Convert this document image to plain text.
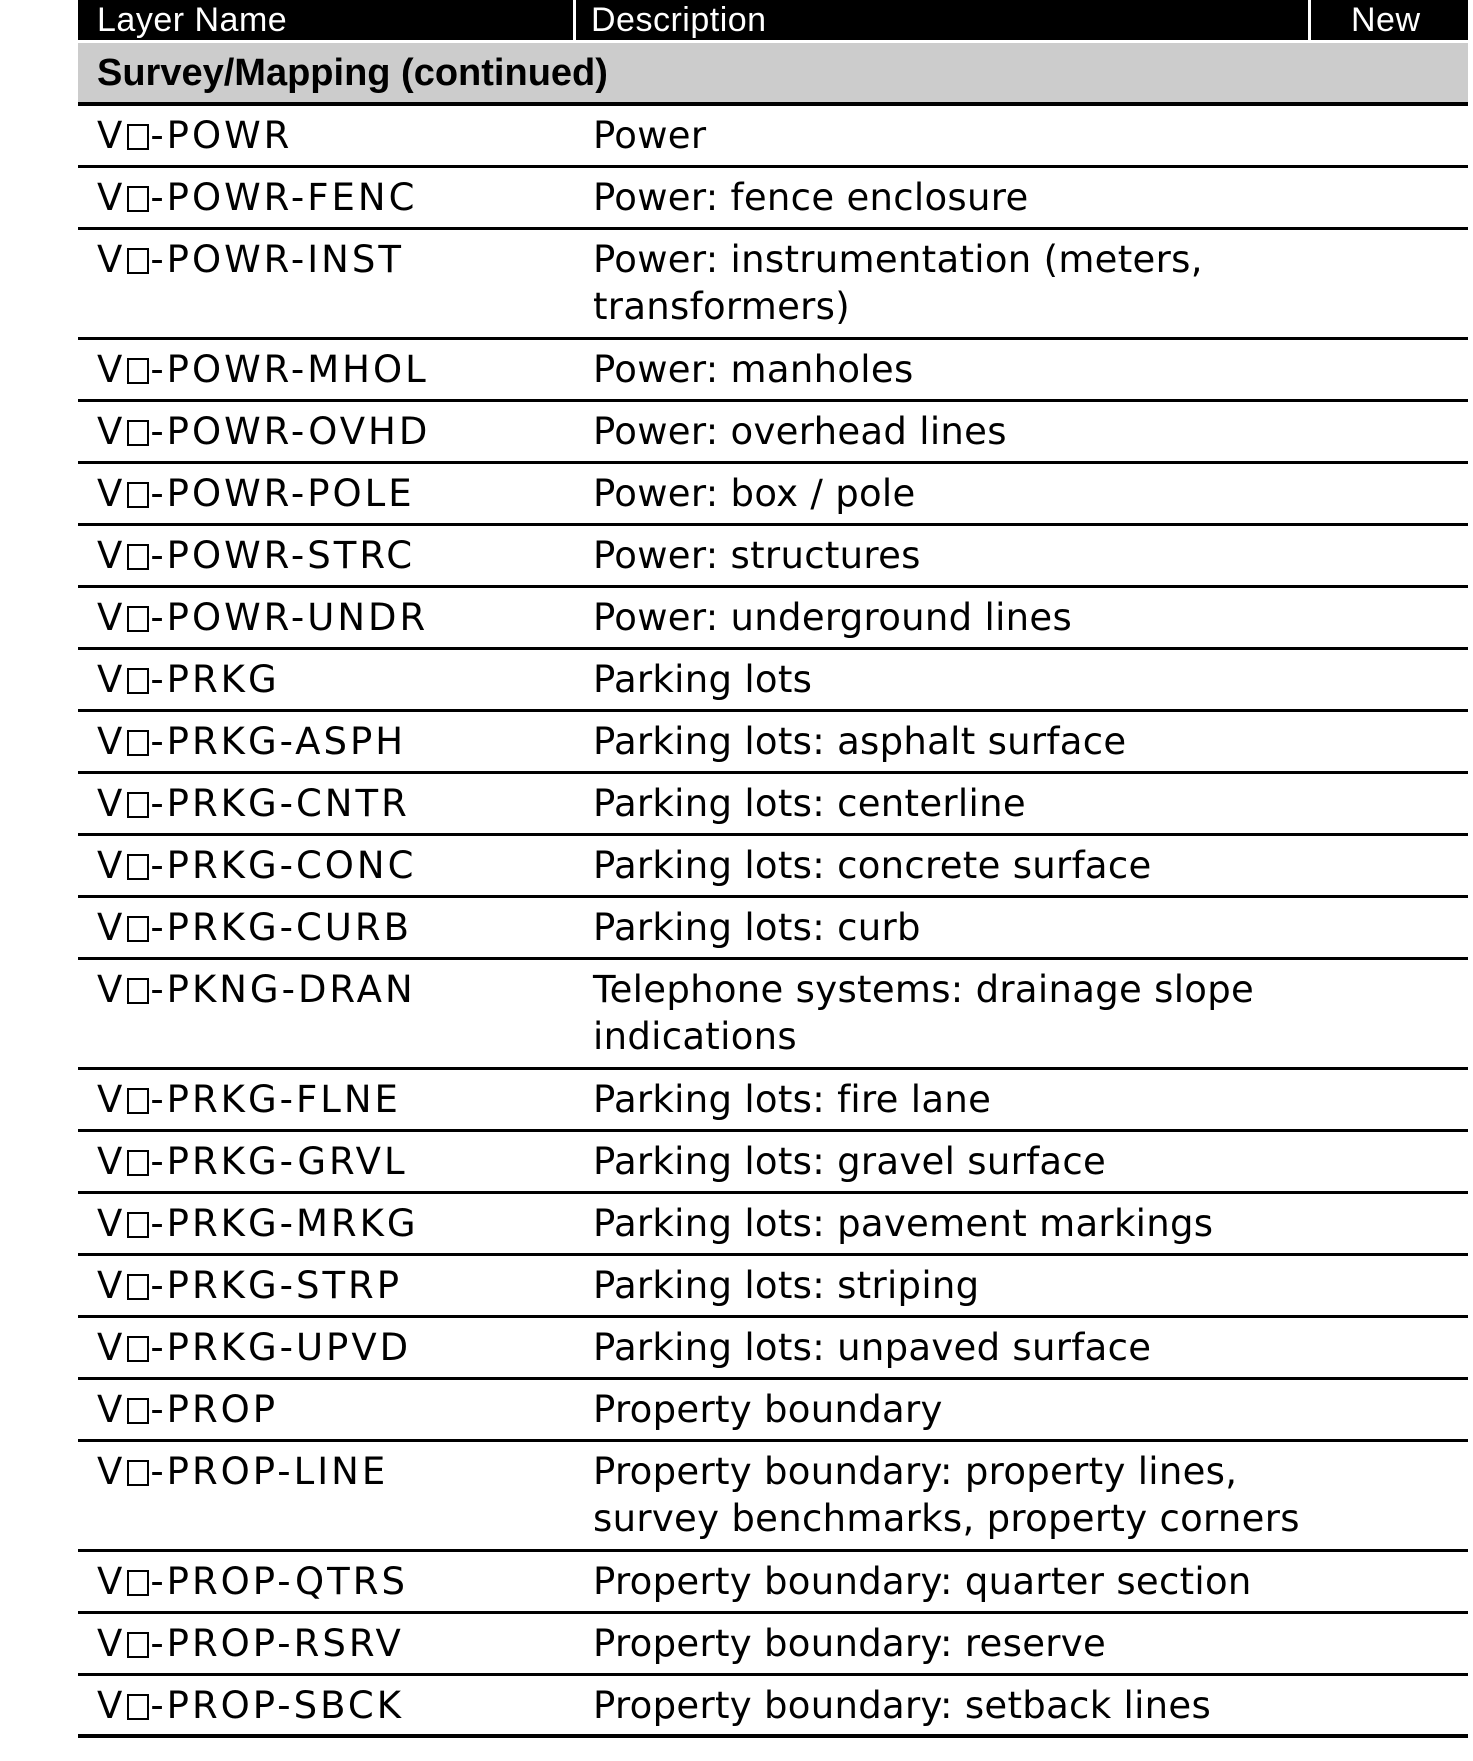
Layer Name	Description	New
Survey/Mapping (continued)
V -POWR	Power
V -POWR-FENC	Power: fence enclosure
V -POWR-INST	Power: instrumentation (meters,
transformers)
V -POWR-MHOL	Power: manholes
V -POWR-OVHD	Power: overhead lines
V -POWR-POLE	Power: box / pole
V -POWR-STRC	Power: structures
V -POWR-UNDR	Power: underground lines
V -PRKG	Parking lots
V -PRKG-ASPH	Parking lots: asphalt surface
V -PRKG-CNTR	Parking lots: centerline
V -PRKG-CONC	Parking lots: concrete surface
V -PRKG-CURB	Parking lots: curb
V -PKNG-DRAN	Telephone systems: drainage slope
indications
V -PRKG-FLNE	Parking lots: fire lane
V -PRKG-GRVL	Parking lots: gravel surface
V -PRKG-MRKG	Parking lots: pavement markings
V -PRKG-STRP	Parking lots: striping
V -PRKG-UPVD	Parking lots: unpaved surface
V -PROP	Property boundary
V -PROP-LINE	Property boundary: property lines,
survey benchmarks, property corners
V -PROP-QTRS	Property boundary: quarter section
V -PROP-RSRV	Property boundary: reserve
V -PROP-SBCK	Property boundary: setback lines
